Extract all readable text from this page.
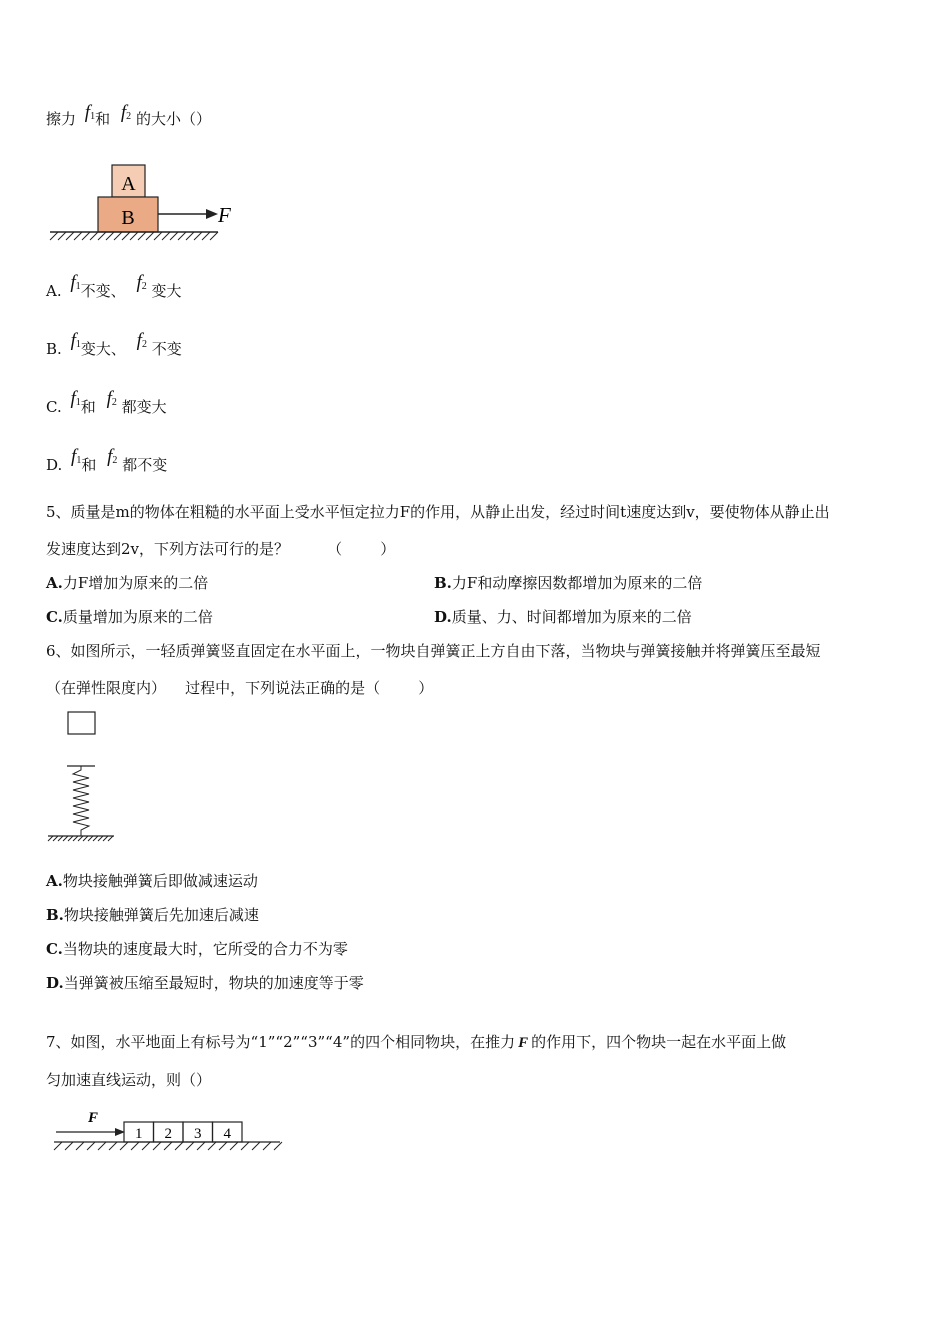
擦力 f1和 f2 的大小（）
A
B	F
A. f1不变、 f2 变大
B. f1变大、 f2 不变
C. f1和 f2 都变大
D. f1和 f2 都不变
5、质量是m的物体在粗糙的水平面上受水平恒定拉力F的作用，从静止出发，经过时间t速度达到v，要使物体从静止出
发速度达到2v，下列方法可行的是？        （        ）
A.力F增加为原来的二倍	B.力F和动摩擦因数都增加为原来的二倍
C.质量增加为原来的二倍	D.质量、力、时间都增加为原来的二倍
6、如图所示，一轻质弹簧竖直固定在水平面上，一物块自弹簧正上方自由下落，当物块与弹簧接触并将弹簧压至最短
（在弹性限度内）    过程中，下列说法正确的是（        ）
A.物块接触弹簧后即做减速运动
B.物块接触弹簧后先加速后减速
C.当物块的速度最大时，它所受的合力不为零
D.当弹簧被压缩至最短时，物块的加速度等于零
7、如图，水平地面上有标号为“1”“2”“3”“4”的四个相同物块，在推力 F 的作用下，四个物块一起在水平面上做
匀加速直线运动，则（）
F
1 2 3 4
